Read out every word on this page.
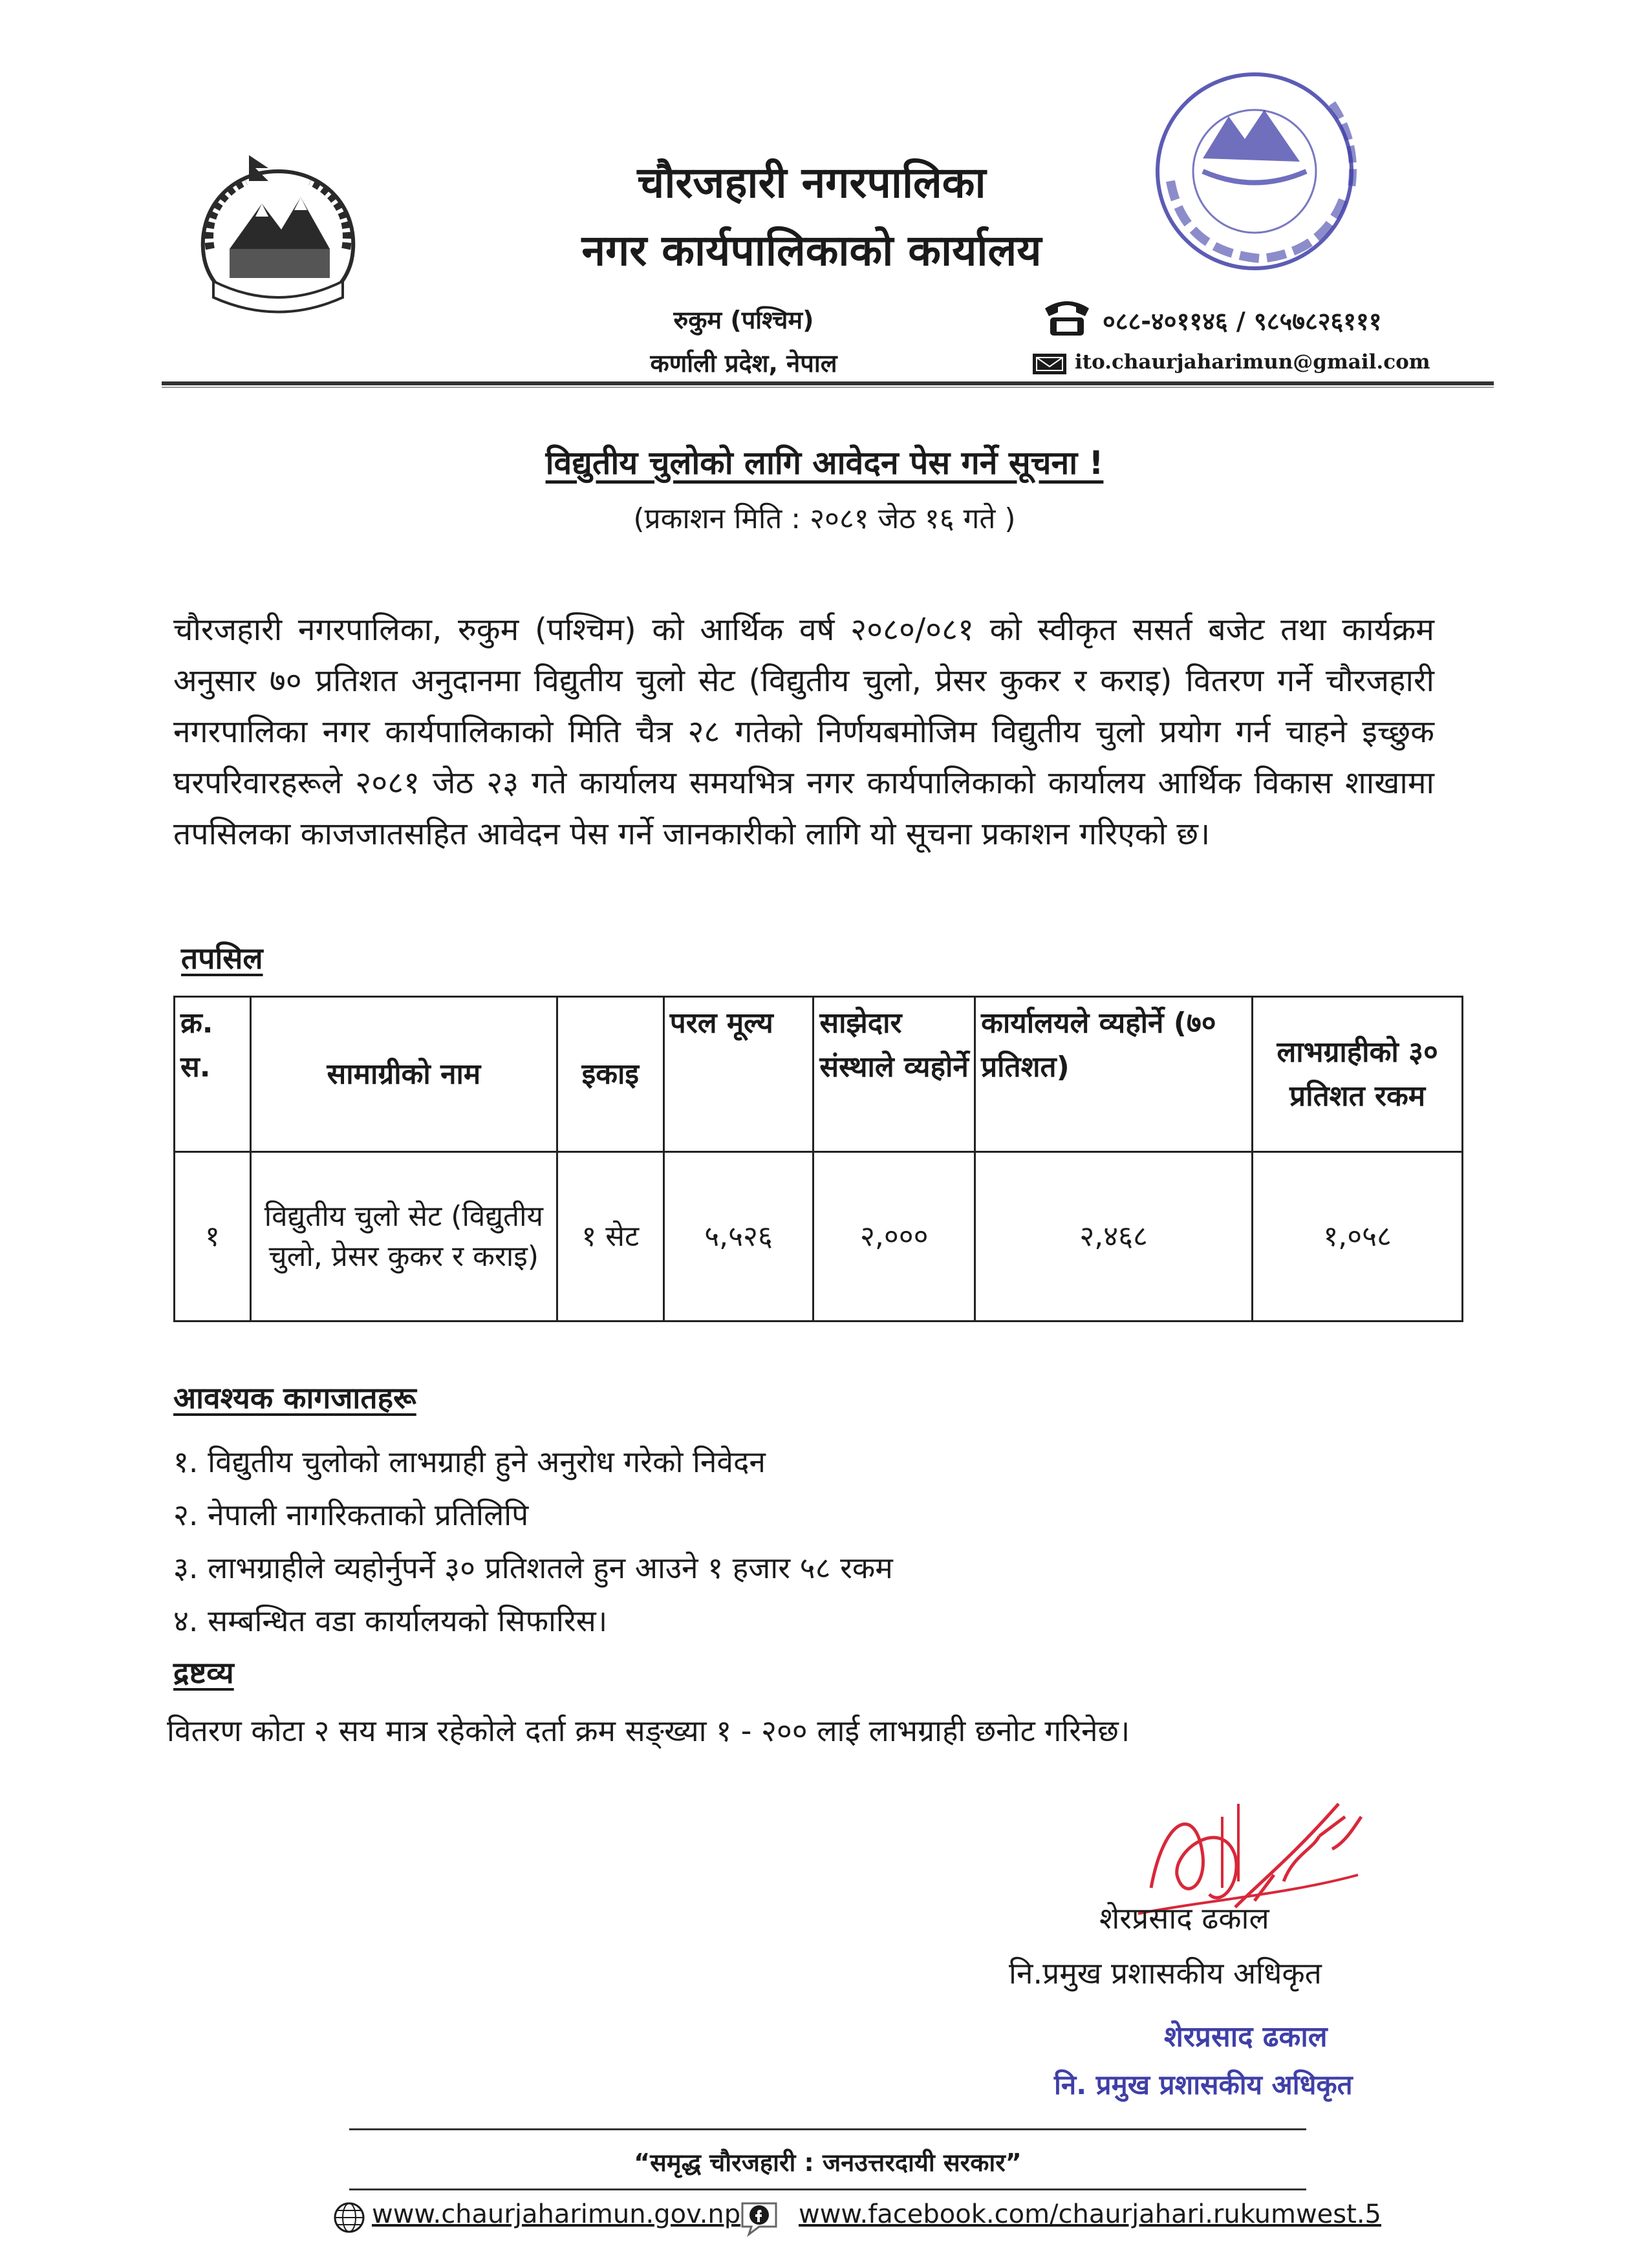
चौरजहारी नगरपालिका
नगर कार्यपालिकाको कार्यालय
रुकुम (पश्चिम)
कर्णाली प्रदेश, नेपाल
०८८-४०११४६ / ९८५७८२६१११
ito.chaurjaharimun@gmail.com
विद्युतीय चुलोको लागि आवेदन पेस गर्ने सूचना !
(प्रकाशन मिति : २०८१ जेठ १६ गते )
चौरजहारी नगरपालिका, रुकुम (पश्चिम) को आर्थिक वर्ष २०८०/०८१ को स्वीकृत ससर्त बजेट तथा कार्यक्रम अनुसार ७० प्रतिशत अनुदानमा विद्युतीय चुलो सेट (विद्युतीय चुलो, प्रेसर कुकर र कराइ) वितरण गर्ने चौरजहारी नगरपालिका नगर कार्यपालिकाको मिति चैत्र २८ गतेको निर्णयबमोजिम विद्युतीय चुलो प्रयोग गर्न चाहने इच्छुक घरपरिवारहरूले २०८१ जेठ २३ गते कार्यालय समयभित्र नगर कार्यपालिकाको कार्यालय आर्थिक विकास शाखामा तपसिलका काजजातसहित आवेदन पेस गर्ने जानकारीको लागि यो सूचना प्रकाशन गरिएको छ।
तपसिल
क्र. स.	सामाग्रीको नाम	इकाइ	परल मूल्य	साझेदार संस्थाले व्यहोर्ने	कार्यालयले व्यहोर्ने (७० प्रतिशत)	लाभग्राहीको ३० प्रतिशत रकम
१	विद्युतीय चुलो सेट (विद्युतीय चुलो, प्रेसर कुकर र कराइ)	१ सेट	५,५२६	२,०००	२,४६८	१,०५८
आवश्यक कागजातहरू
१. विद्युतीय चुलोको लाभग्राही हुने अनुरोध गरेको निवेदन
२. नेपाली नागरिकताको प्रतिलिपि
३. लाभग्राहीले व्यहोर्नुपर्ने ३० प्रतिशतले हुन आउने १ हजार ५८ रकम
४. सम्बन्धित वडा कार्यालयको सिफारिस।
द्रष्टव्य
वितरण कोटा २ सय मात्र रहेकोले दर्ता क्रम सङ्ख्या १ - २०० लाई लाभग्राही छनोट गरिनेछ।
शेरप्रसाद ढकाल
नि.प्रमुख प्रशासकीय अधिकृत
शेरप्रसाद ढकाल
नि. प्रमुख प्रशासकीय अधिकृत
“समृद्ध चौरजहारी : जनउत्तरदायी सरकार”
www.chaurjaharimun.gov.np www.facebook.com/chaurjahari.rukumwest.5
